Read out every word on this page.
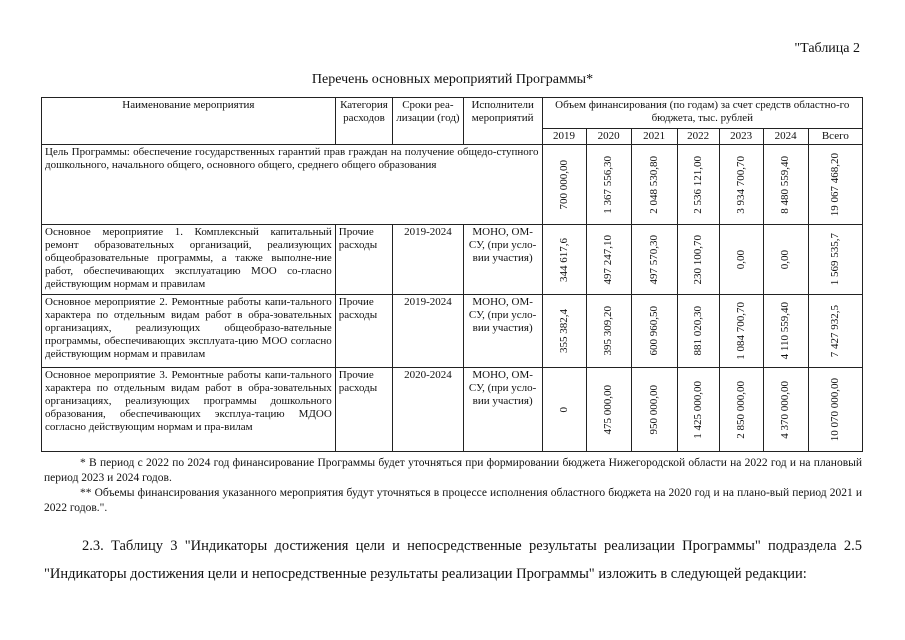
"Таблица 2
Перечень основных мероприятий Программы*
Наименование мероприятия	Категория расходов	Сроки реа-лизации (год)	Исполнители мероприятий	Объем финансирования (по годам) за счет средств областно-го бюджета, тыс. рублей						
				2019	2020	2021	2022	2023	2024	Всего
Цель Программы: обеспечение государственных гарантий прав граждан на получение общедо-ступного дошкольного, начального общего, основного общего, среднего общего образования				700 000,00	1 367 556,30	2 048 530,80	2 536 121,00	3 934 700,70	8 480 559,40	19 067 468,20

Основное мероприятие 1. Комплексный капитальный ремонт образовательных организаций, реализующих общеобразовательные программы, а также выполне-ние работ, обеспечивающих эксплуатацию МОО со-гласно действующим нормам и правилам	Прочие расходы	2019-2024	МОНО, ОМ-СУ, (при усло-вии участия)	344 617,6	497 247,10	497 570,30	230 100,70	0,00	0,00	1 569 535,7

Основное мероприятие 2. Ремонтные работы капи-тального характера по отдельным видам работ в обра-зовательных организациях, реализующих общеобразо-вательные программы, обеспечивающих эксплуата-цию МОО согласно действующим нормам и правилам	Прочие расходы	2019-2024	МОНО, ОМ-СУ, (при усло-вии участия)	355 382,4	395 309,20	600 960,50	881 020,30	1 084 700,70	4 110 559,40	7 427 932,5

Основное мероприятие 3. Ремонтные работы капи-тального характера по отдельным видам работ в обра-зовательных организациях, реализующих программы дошкольного образования, обеспечивающих эксплуа-тацию МДОО согласно действующим нормам и пра-вилам	Прочие расходы	2020-2024	МОНО, ОМ-СУ, (при усло-вии участия)	0	475 000,00	950 000,00	1 425 000,00	2 850 000,00	4 370 000,00	10 070 000,00

* В период с 2022 по 2024 год финансирование Программы будет уточняться при формировании бюджета Нижегородской области на 2022 год и на плановый период 2023 и 2024 годов.

** Объемы финансирования указанного мероприятия будут уточняться в процессе исполнения областного бюджета на 2020 год и на плано-вый период 2021 и 2022 годов.".

2.3. Таблицу 3 "Индикаторы достижения цели и непосредственные результаты реализации Программы" подраздела 2.5 "Индикаторы достижения цели и непосредственные результаты реализации Программы" изложить в следующей редакции:
